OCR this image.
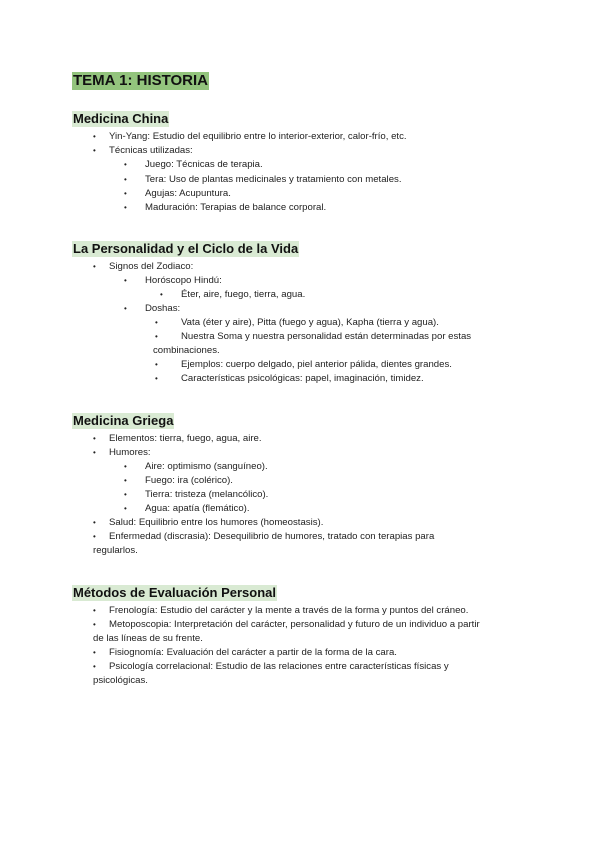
TEMA 1: HISTORIA
Medicina China
• Yin-Yang: Estudio del equilibrio entre lo interior-exterior, calor-frío, etc.
• Técnicas utilizadas:
• Juego: Técnicas de terapia.
• Tera: Uso de plantas medicinales y tratamiento con metales.
• Agujas: Acupuntura.
• Maduración: Terapias de balance corporal.
La Personalidad y el Ciclo de la Vida
• Signos del Zodiaco:
• Horóscopo Hindú:
• Éter, aire, fuego, tierra, agua.
• Doshas:
• Vata (éter y aire), Pitta (fuego y agua), Kapha (tierra y agua).
• Nuestra Soma y nuestra personalidad están determinadas por estas
combinaciones.
• Ejemplos: cuerpo delgado, piel anterior pálida, dientes grandes.
• Características psicológicas: papel, imaginación, timidez.
Medicina Griega
• Elementos: tierra, fuego, agua, aire.
• Humores:
• Aire: optimismo (sanguíneo).
• Fuego: ira (colérico).
• Tierra: tristeza (melancólico).
• Agua: apatía (flemático).
• Salud: Equilibrio entre los humores (homeostasis).
• Enfermedad (discrasia): Desequilibrio de humores, tratado con terapias para
regularlos.
Métodos de Evaluación Personal
• Frenología: Estudio del carácter y la mente a través de la forma y puntos del cráneo.
• Metoposcopia: Interpretación del carácter, personalidad y futuro de un individuo a partir
de las líneas de su frente.
• Fisiognomía: Evaluación del carácter a partir de la forma de la cara.
• Psicología correlacional: Estudio de las relaciones entre características físicas y
psicológicas.
